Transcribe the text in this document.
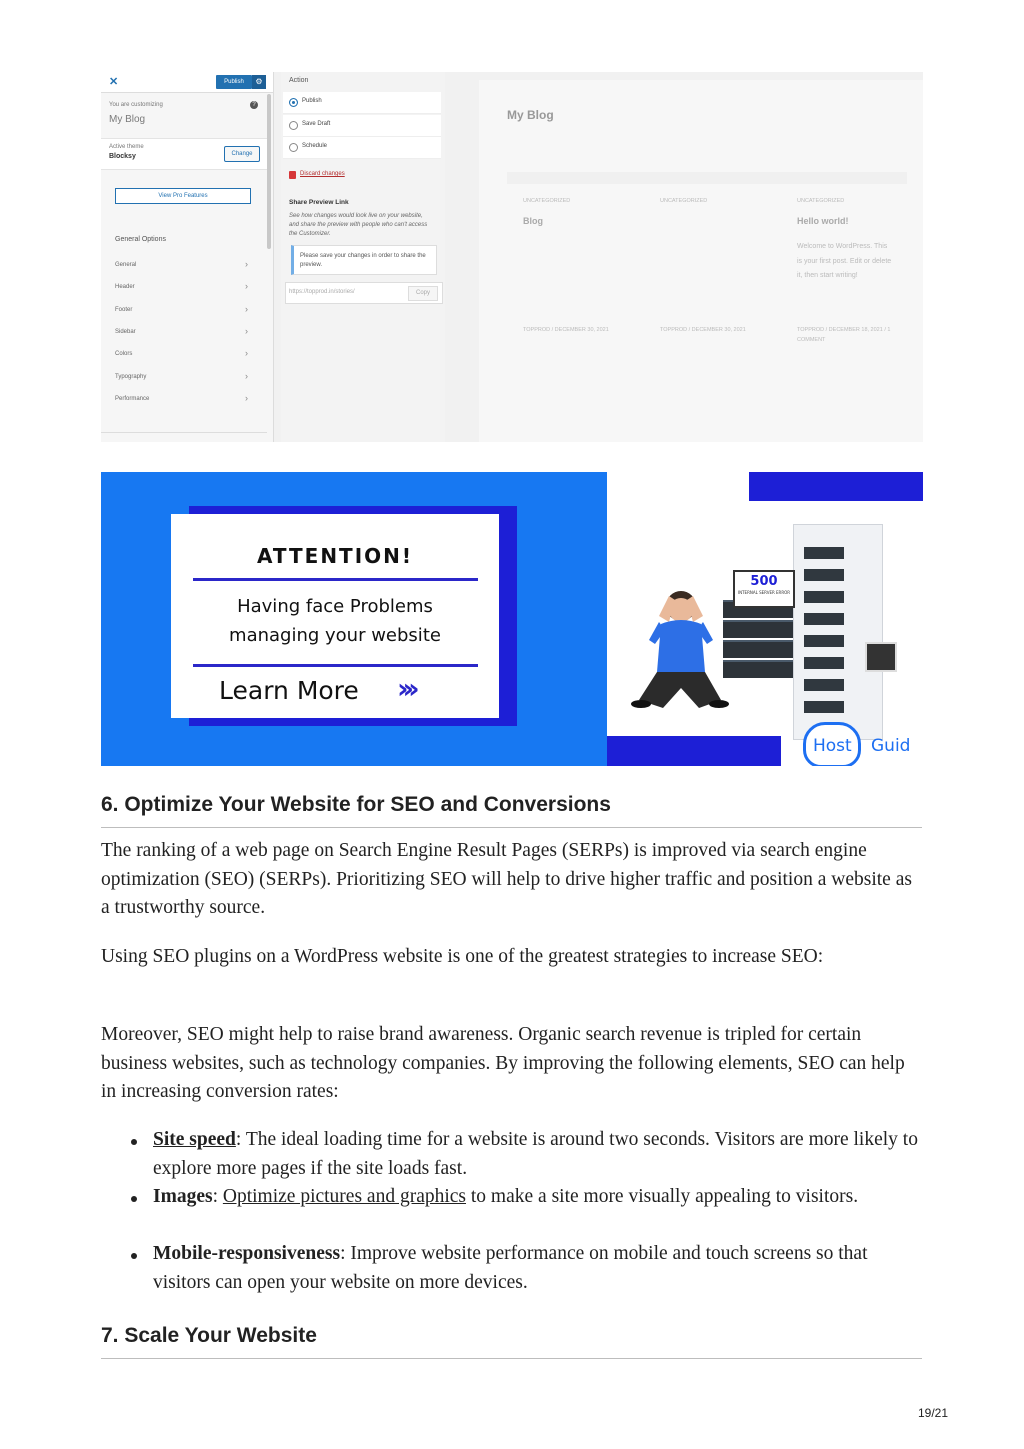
✕	Publish	⚙
You are customizing
My Blog
?
Active theme
Blocksy	Change
View Pro Features
General Options
General	›
Header	›
Footer	›
Sidebar	›
Colors	›
Typography	›
Performance	›
Action
Publish
Save Draft
Schedule
Discard changes
Share Preview Link
See how changes would look live on your website, and share the preview with people who can't access the Customizer.
Please save your changes in order to share the preview.
https://topprod.in/stories/	Copy
My Blog
UNCATEGORIZED
Blog
TOPPROD / DECEMBER 30, 2021
UNCATEGORIZED
TOPPROD / DECEMBER 30, 2021
UNCATEGORIZED
Hello world!
Welcome to WordPress. This is your first post. Edit or delete it, then start writing!
TOPPROD / DECEMBER 18, 2021 / 1 COMMENT
ATTENTION!
Having face Problems
managing your website
Learn More ›››
500
INTERNAL SERVER ERROR
Host Guid
6. Optimize Your Website for SEO and Conversions
The ranking of a web page on Search Engine Result Pages (SERPs) is improved via search engine optimization (SEO) (SERPs). Prioritizing SEO will help to drive higher traffic and position a website as a trustworthy source.
Using SEO plugins on a WordPress website is one of the greatest strategies to increase SEO:
Moreover, SEO might help to raise brand awareness. Organic search revenue is tripled for certain business websites, such as technology companies. By improving the following elements, SEO can help in increasing conversion rates:
Site speed: The ideal loading time for a website is around two seconds. Visitors are more likely to explore more pages if the site loads fast.
Images: Optimize pictures and graphics to make a site more visually appealing to visitors.
Mobile-responsiveness: Improve website performance on mobile and touch screens so that visitors can open your website on more devices.
7. Scale Your Website
19/21
